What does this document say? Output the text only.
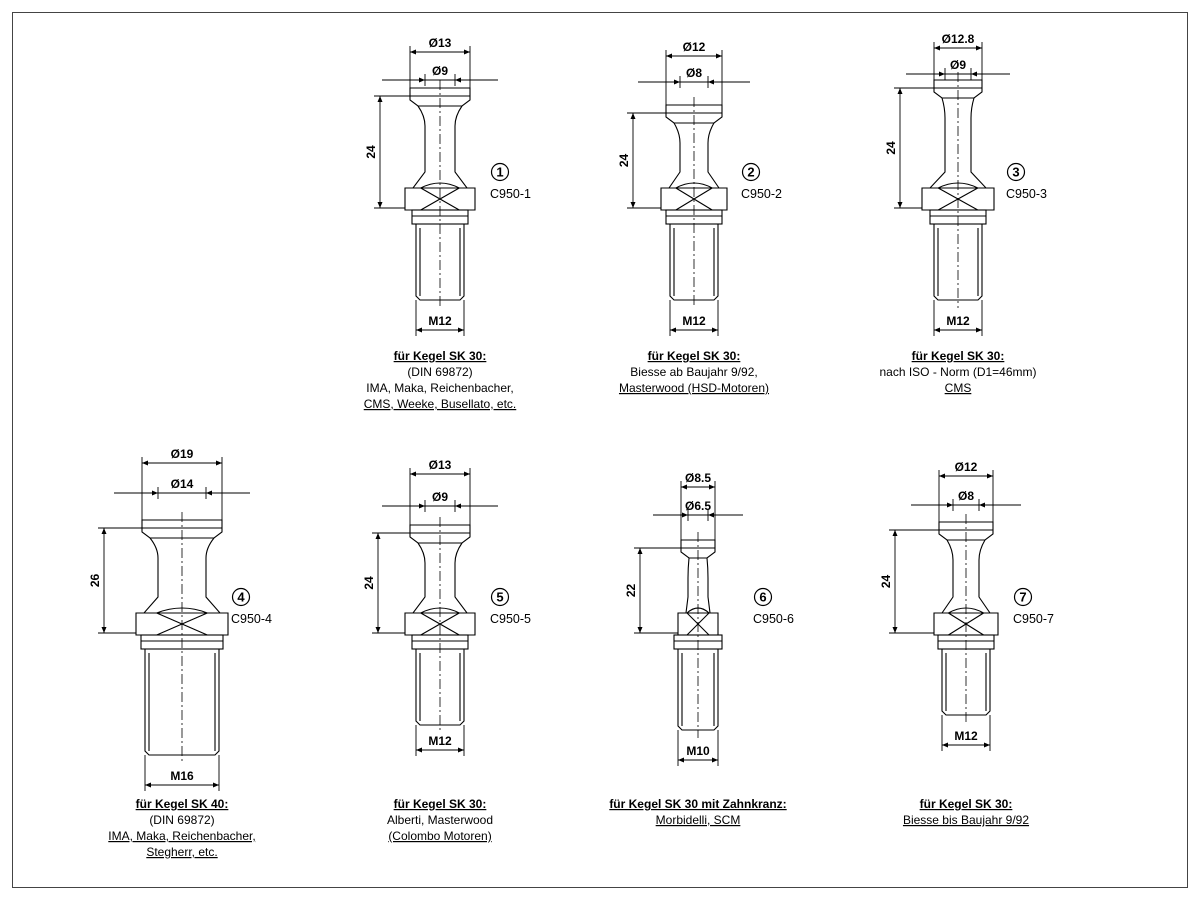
Ø13
Ø9
24
M12
1
C950-1
für Kegel SK 30:
(DIN 69872)
IMA, Maka, Reichenbacher,
CMS, Weeke, Busellato, etc.
Ø12
Ø8
24
M12
2
C950-2
für Kegel SK 30:
Biesse ab Baujahr 9/92,
Masterwood (HSD-Motoren)
Ø12.8
Ø9
24
M12
3
C950-3
für Kegel SK 30:
nach ISO - Norm (D1=46mm)
CMS
Ø19
Ø14
26
M16
4
C950-4
für Kegel SK 40:
(DIN 69872)
IMA, Maka, Reichenbacher,
Stegherr, etc.
Ø13
Ø9
24
M12
5
C950-5
für Kegel SK 30:
Alberti, Masterwood
(Colombo Motoren)
Ø8.5
Ø6.5
22
M10
6
C950-6
für Kegel SK 30 mit Zahnkranz:
Morbidelli, SCM
Ø12
Ø8
24
M12
7
C950-7
für Kegel SK 30:
Biesse bis Baujahr 9/92
